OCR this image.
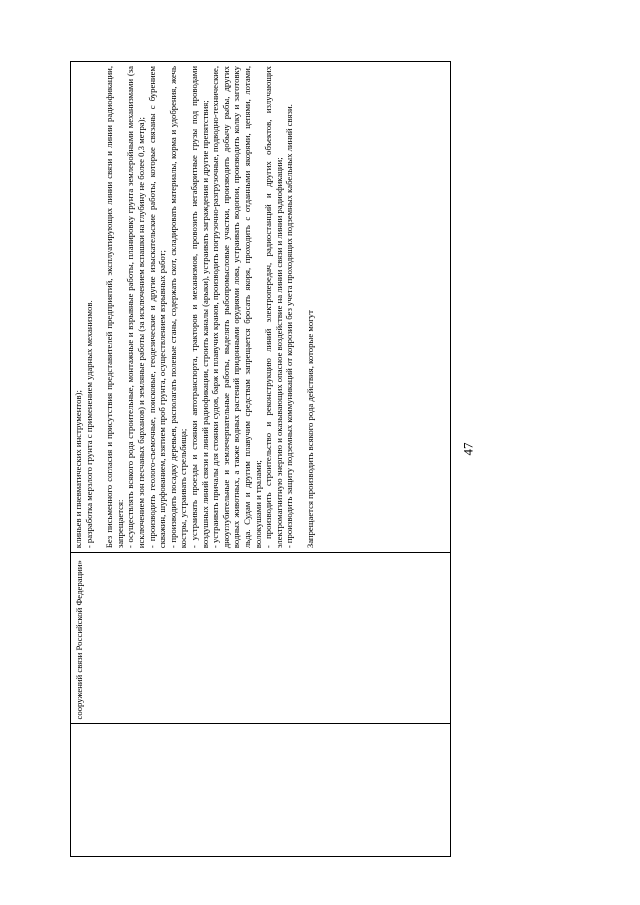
47
сооружений связи Российской Федерации»

клиньев и пневматических инструментов); - разработка мерзлого грунта с применением ударных механизмов. Без письменного согласия и присутствия представителей предприятий, эксплуатирующих линии связи и линии радиофикации, запрещается: - осуществлять всякого рода строительные, монтажные и взрывные работы, планировку грунта землеройными механизмами (за исключением зон песчаных барханов) и земляные работы (за исключением вспашки на глубину не более 0,3 метра); - производить геолого-съемочные, поисковые, геодезические и другие изыскательские работы, которые связаны с бурением скважин, шурфованием, взятием проб грунта, осуществлением взрывных работ; - производить посадку деревьев, располагать полевые станы, содержать скот, складировать материалы, корма и удобрения, жечь костры, устраивать стрельбища; - устраивать проезды и стоянки автотранспорта, тракторов и механизмов, провозить негабаритные грузы под проводами воздушных линий связи и линий радиофикации, строить каналы (арыки), устраивать заграждения и другие препятствия; - устраивать причалы для стоянки судов, барж и плавучих кранов, производить погрузочно-разгрузочные, подводно-технические, дноуглубительные и землечерпательные работы, выделять рыбопромысловые участки, производить добычу рыбы, других водных животных, а также водных растений придонными орудиями лова, устраивать водопои, производить колку и заготовку льда. Судам и другим плавучим средствам запрещается бросать якоря, проходить с отданными якорями, цепями, лотами, волокушами и тралами; - производить строительство и реконструкцию линий электропередач, радиостанций и других объектов, излучающих электромагнитную энергию и оказывающих опасное воздействие на линии связи и линии радиофикации; - производить защиту подземных коммуникаций от коррозии без учета проходящих подземных кабельных линий связи. Запрещается производить всякого рода действия, которые могут
